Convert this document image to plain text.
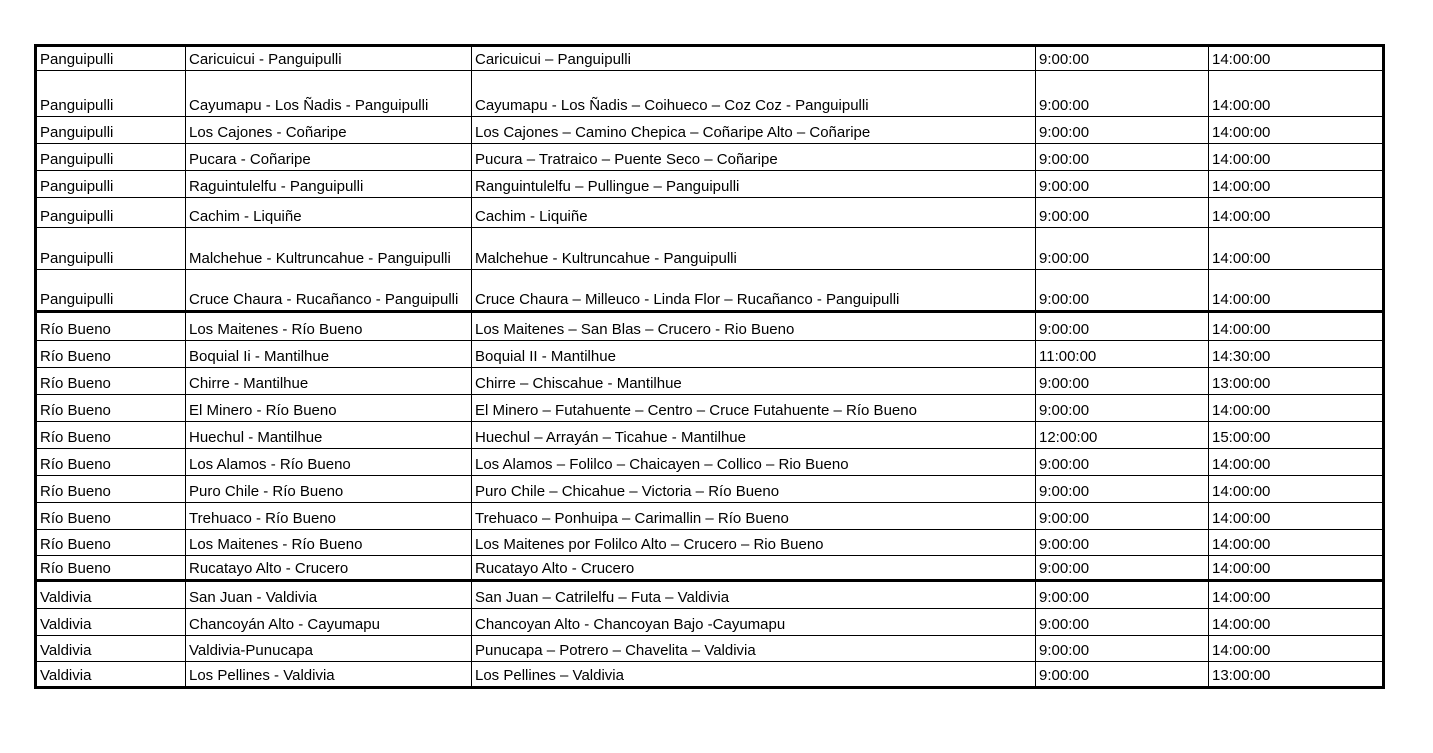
Panguipulli	Caricuicui - Panguipulli	Caricuicui – Panguipulli	9:00:00	14:00:00
Panguipulli	Cayumapu - Los Ñadis - Panguipulli	Cayumapu - Los Ñadis – Coihueco – Coz Coz - Panguipulli	9:00:00	14:00:00
Panguipulli	Los Cajones - Coñaripe	Los Cajones – Camino Chepica – Coñaripe Alto – Coñaripe	9:00:00	14:00:00
Panguipulli	Pucara - Coñaripe	Pucura – Tratraico – Puente Seco – Coñaripe	9:00:00	14:00:00
Panguipulli	Raguintulelfu - Panguipulli	Ranguintulelfu – Pullingue – Panguipulli	9:00:00	14:00:00
Panguipulli	Cachim - Liquiñe	Cachim - Liquiñe	9:00:00	14:00:00
Panguipulli	Malchehue - Kultruncahue - Panguipulli	Malchehue - Kultruncahue - Panguipulli	9:00:00	14:00:00
Panguipulli	Cruce Chaura - Rucañanco - Panguipulli	Cruce Chaura – Milleuco - Linda Flor – Rucañanco - Panguipulli	9:00:00	14:00:00
Río Bueno	Los Maitenes - Río Bueno	Los Maitenes – San Blas – Crucero - Rio Bueno	9:00:00	14:00:00
Río Bueno	Boquial Ii - Mantilhue	Boquial II - Mantilhue	11:00:00	14:30:00
Río Bueno	Chirre - Mantilhue	Chirre – Chiscahue - Mantilhue	9:00:00	13:00:00
Río Bueno	El Minero - Río Bueno	El Minero – Futahuente – Centro – Cruce Futahuente – Río Bueno	9:00:00	14:00:00
Río Bueno	Huechul - Mantilhue	Huechul – Arrayán – Ticahue - Mantilhue	12:00:00	15:00:00
Río Bueno	Los Alamos - Río Bueno	Los Alamos – Folilco – Chaicayen – Collico – Rio Bueno	9:00:00	14:00:00
Río Bueno	Puro Chile - Río Bueno	Puro Chile – Chicahue – Victoria – Río Bueno	9:00:00	14:00:00
Río Bueno	Trehuaco - Río Bueno	Trehuaco – Ponhuipa – Carimallin – Río Bueno	9:00:00	14:00:00
Río Bueno	Los Maitenes - Río Bueno	Los Maitenes por Folilco Alto – Crucero – Rio Bueno	9:00:00	14:00:00
Río Bueno	Rucatayo Alto - Crucero	Rucatayo Alto - Crucero	9:00:00	14:00:00
Valdivia	San Juan - Valdivia	San Juan – Catrilelfu – Futa – Valdivia	9:00:00	14:00:00
Valdivia	Chancoyán Alto - Cayumapu	Chancoyan Alto - Chancoyan Bajo -Cayumapu	9:00:00	14:00:00
Valdivia	Valdivia-Punucapa	Punucapa – Potrero – Chavelita – Valdivia	9:00:00	14:00:00
Valdivia	Los Pellines - Valdivia	Los Pellines – Valdivia	9:00:00	13:00:00
